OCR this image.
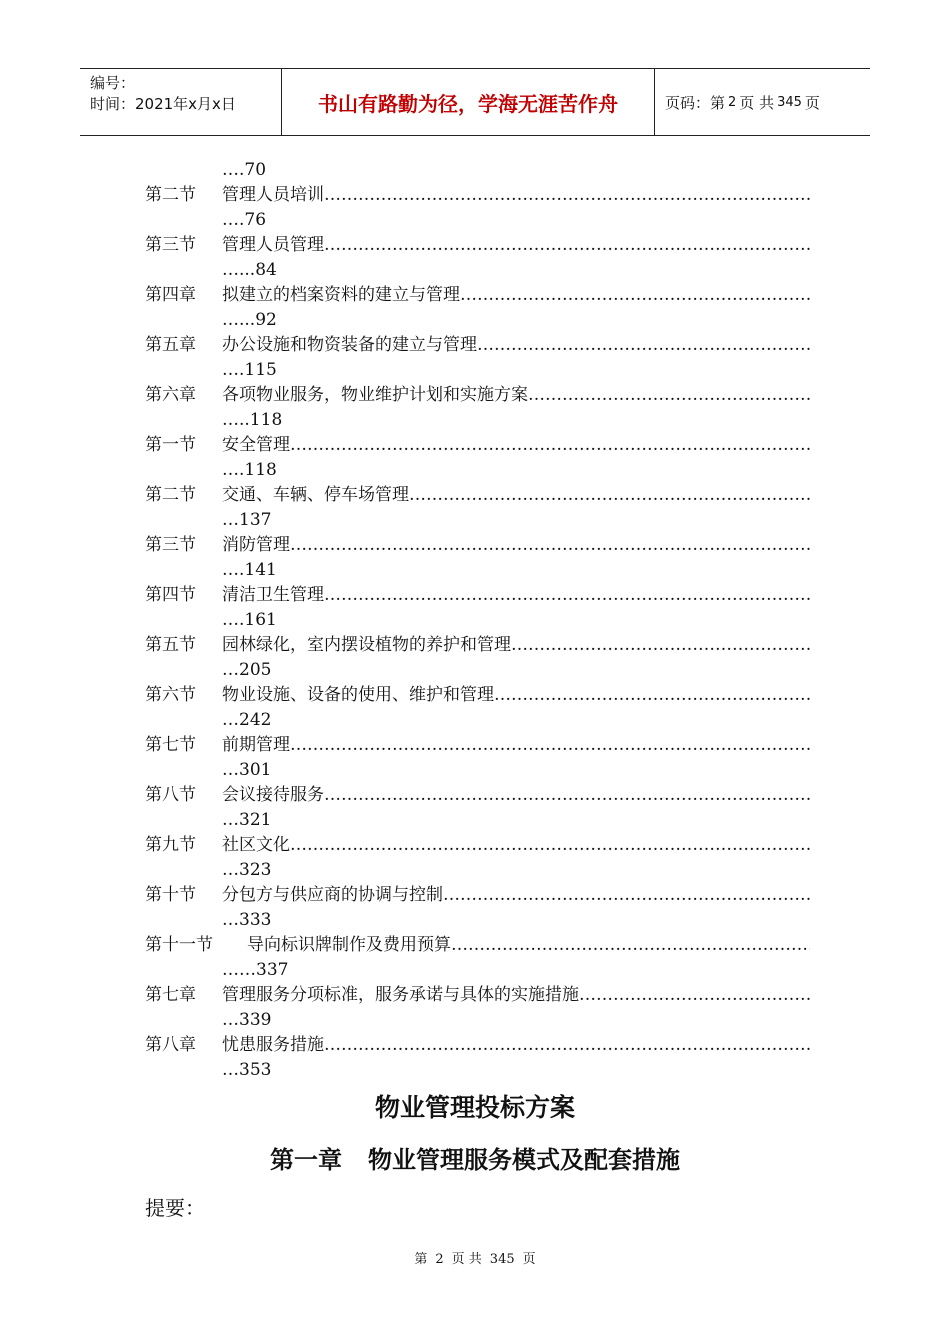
编号：
时间：2021年x月x日	书山有路勤为径，学海无涯苦作舟	页码：第 2 页 共 345 页
….70
第二节 管理人员培训 ……………………………………………………………………………………………………………………………………………………
….76
第三节 管理人员管理 ……………………………………………………………………………………………………………………………………………………
…...84
第四章 拟建立的档案资料的建立与管理 ……………………………………………………………………………………………………………………………………………………
…...92
第五章 办公设施和物资装备的建立与管理 ……………………………………………………………………………………………………………………………………………………
….115
第六章 各项物业服务，物业维护计划和实施方案 ……………………………………………………………………………………………………………………………………………………
…..118
第一节 安全管理 ……………………………………………………………………………………………………………………………………………………
….118
第二节 交通、车辆、停车场管理 ……………………………………………………………………………………………………………………………………………………
…137
第三节 消防管理 ……………………………………………………………………………………………………………………………………………………
….141
第四节 清洁卫生管理 ……………………………………………………………………………………………………………………………………………………
….161
第五节 园林绿化，室内摆设植物的养护和管理 ……………………………………………………………………………………………………………………………………………………
…205
第六节 物业设施、设备的使用、维护和管理 ……………………………………………………………………………………………………………………………………………………
…242
第七节 前期管理 ……………………………………………………………………………………………………………………………………………………
…301
第八节 会议接待服务 ……………………………………………………………………………………………………………………………………………………
…321
第九节 社区文化 ……………………………………………………………………………………………………………………………………………………
…323
第十节 分包方与供应商的协调与控制 ……………………………………………………………………………………………………………………………………………………
…333
第十一节 导向标识牌制作及费用预算 ……………………………………………………………………………………………………………………………………………………
……337
第七章 管理服务分项标准，服务承诺与具体的实施措施 ……………………………………………………………………………………………………………………………………………………
…339
第八章 忧患服务措施 ……………………………………………………………………………………………………………………………………………………
…353
物业管理投标方案
第一章 物业管理服务模式及配套措施
提要：
第 2 页 共 345 页
